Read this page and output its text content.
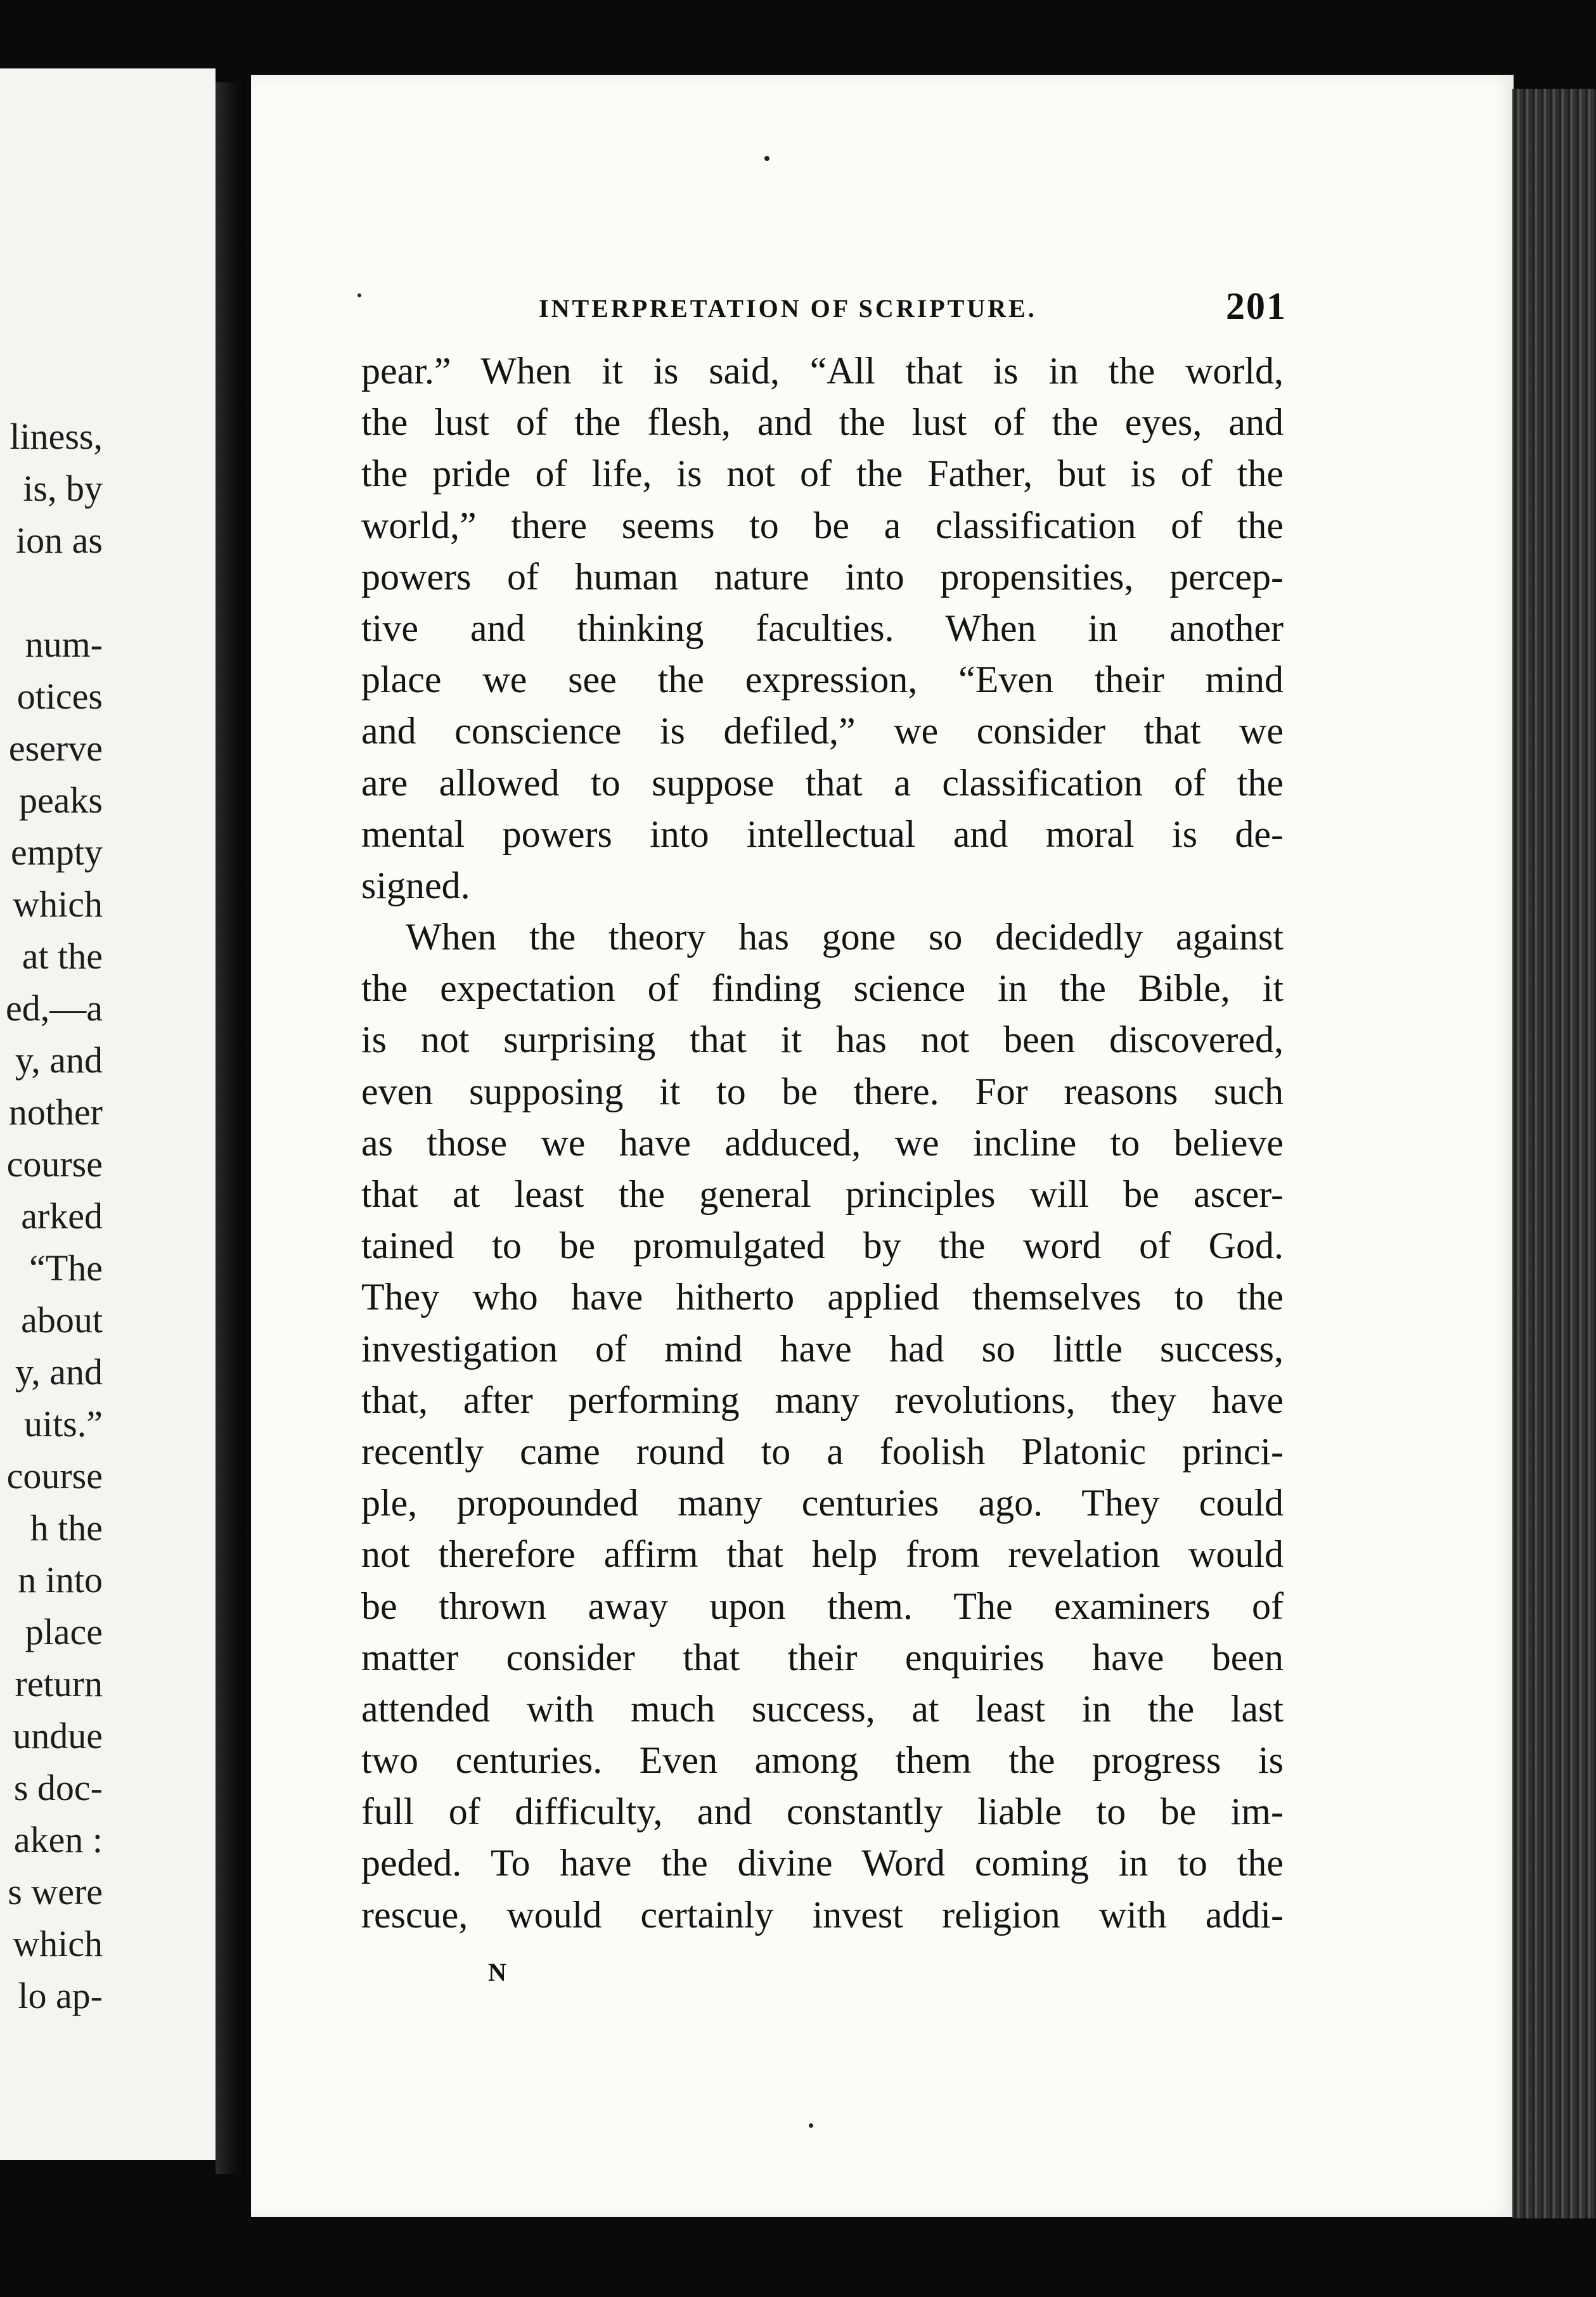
liness,
is, by
ion as
num-
otices
eserve
peaks
empty
which
at the
ed,—a
y, and
nother
course
arked
“The
about
y, and
uits.”
course
h the
n into
place
return
undue
s doc-
aken :
s were
which
lo ap-
INTERPRETATION OF SCRIPTURE.	201
pear.” When it is said, “All that is in the world,
the lust of the flesh, and the lust of the eyes, and
the pride of life, is not of the Father, but is of the
world,” there seems to be a classification of the
powers of human nature into propensities, percep-
tive and thinking faculties. When in another
place we see the expression, “Even their mind
and conscience is defiled,” we consider that we
are allowed to suppose that a classification of the
mental powers into intellectual and moral is de-
signed.
When the theory has gone so decidedly against
the expectation of finding science in the Bible, it
is not surprising that it has not been discovered,
even supposing it to be there. For reasons such
as those we have adduced, we incline to believe
that at least the general principles will be ascer-
tained to be promulgated by the word of God.
They who have hitherto applied themselves to the
investigation of mind have had so little success,
that, after performing many revolutions, they have
recently came round to a foolish Platonic princi-
ple, propounded many centuries ago. They could
not therefore affirm that help from revelation would
be thrown away upon them. The examiners of
matter consider that their enquiries have been
attended with much success, at least in the last
two centuries. Even among them the progress is
full of difficulty, and constantly liable to be im-
peded. To have the divine Word coming in to the
rescue, would certainly invest religion with addi-
N
